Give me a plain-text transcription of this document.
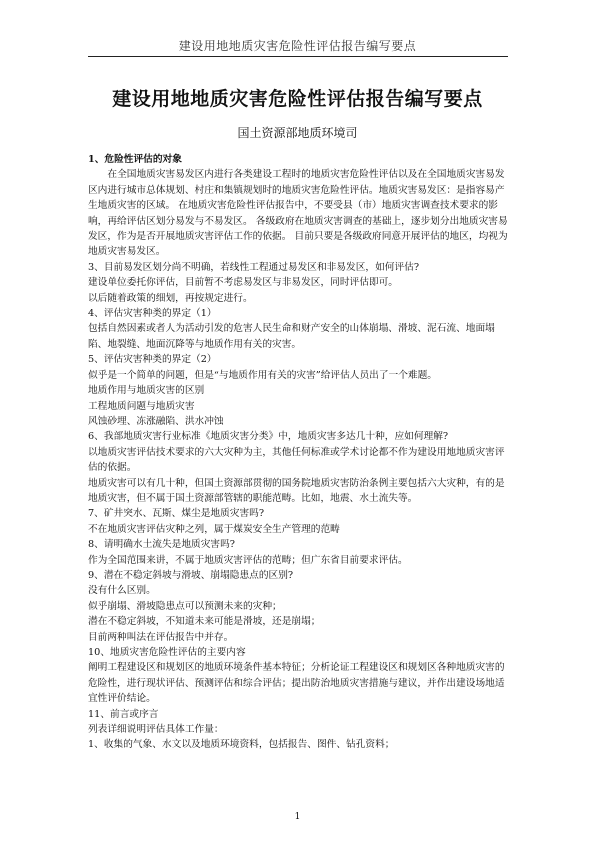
建设用地地质灾害危险性评估报告编写要点
建设用地地质灾害危险性评估报告编写要点
国土资源部地质环境司

1、危险性评估的对象

在全国地质灾害易发区内进行各类建设工程时的地质灾害危险性评估以及在全国地质灾害易发区内进行城市总体规划、村庄和集镇规划时的地质灾害危险性评估。地质灾害易发区：是指容易产生地质灾害的区域。 在地质灾害危险性评估报告中，不要受县（市）地质灾害调查技术要求的影响，再给评估区划分易发与不易发区。 各级政府在地质灾害调查的基础上，逐步划分出地质灾害易发区，作为是否开展地质灾害评估工作的依据。 目前只要是各级政府同意开展评估的地区，均视为地质灾害易发区。

3、目前易发区划分尚不明确，若线性工程通过易发区和非易发区，如何评估?

建设单位委托你评估，目前暂不考虑易发区与非易发区，同时评估即可。

以后随着政策的细划，再按规定进行。

4、评估灾害种类的界定（1）

包括自然因素或者人为活动引发的危害人民生命和财产安全的山体崩塌、滑坡、泥石流、地面塌陷、地裂缝、地面沉降等与地质作用有关的灾害。

5、评估灾害种类的界定（2）

似乎是一个简单的问题，但是“与地质作用有关的灾害”给评估人员出了一个难题。

地质作用与地质灾害的区别

工程地质问题与地质灾害

风蚀砂埋、冻涨融陷、洪水冲蚀

6、我部地质灾害行业标准《地质灾害分类》中，地质灾害多达几十种，应如何理解?

以地质灾害评估技术要求的六大灾种为主，其他任何标准或学术讨论都不作为建设用地地质灾害评估的依据。

地质灾害可以有几十种，但国土资源部贯彻的国务院地质灾害防治条例主要包括六大灾种，有的是地质灾害，但不属于国土资源部管辖的职能范畴。比如，地震、水土流失等。

7、矿井突水、瓦斯、煤尘是地质灾害吗?

不在地质灾害评估灾种之列，属于煤炭安全生产管理的范畴

8、请明确水土流失是地质灾害吗?

作为全国范围来讲，不属于地质灾害评估的范畴；但广东省目前要求评估。

9、潜在不稳定斜坡与滑坡、崩塌隐患点的区别?

没有什么区别。

似乎崩塌、滑坡隐患点可以预测未来的灾种；

潜在不稳定斜坡，不知道未来可能是滑坡，还是崩塌；

目前两种叫法在评估报告中并存。

10、地质灾害危险性评估的主要内容

阐明工程建设区和规划区的地质环境条件基本特征；分析论证工程建设区和规划区各种地质灾害的危险性，进行现状评估、预测评估和综合评估；提出防治地质灾害措施与建议，并作出建设场地适宜性评价结论。

11、前言或序言

列表详细说明评估具体工作量：

1、收集的气象、水文以及地质环境资料，包括报告、图件、钻孔资料；

1
